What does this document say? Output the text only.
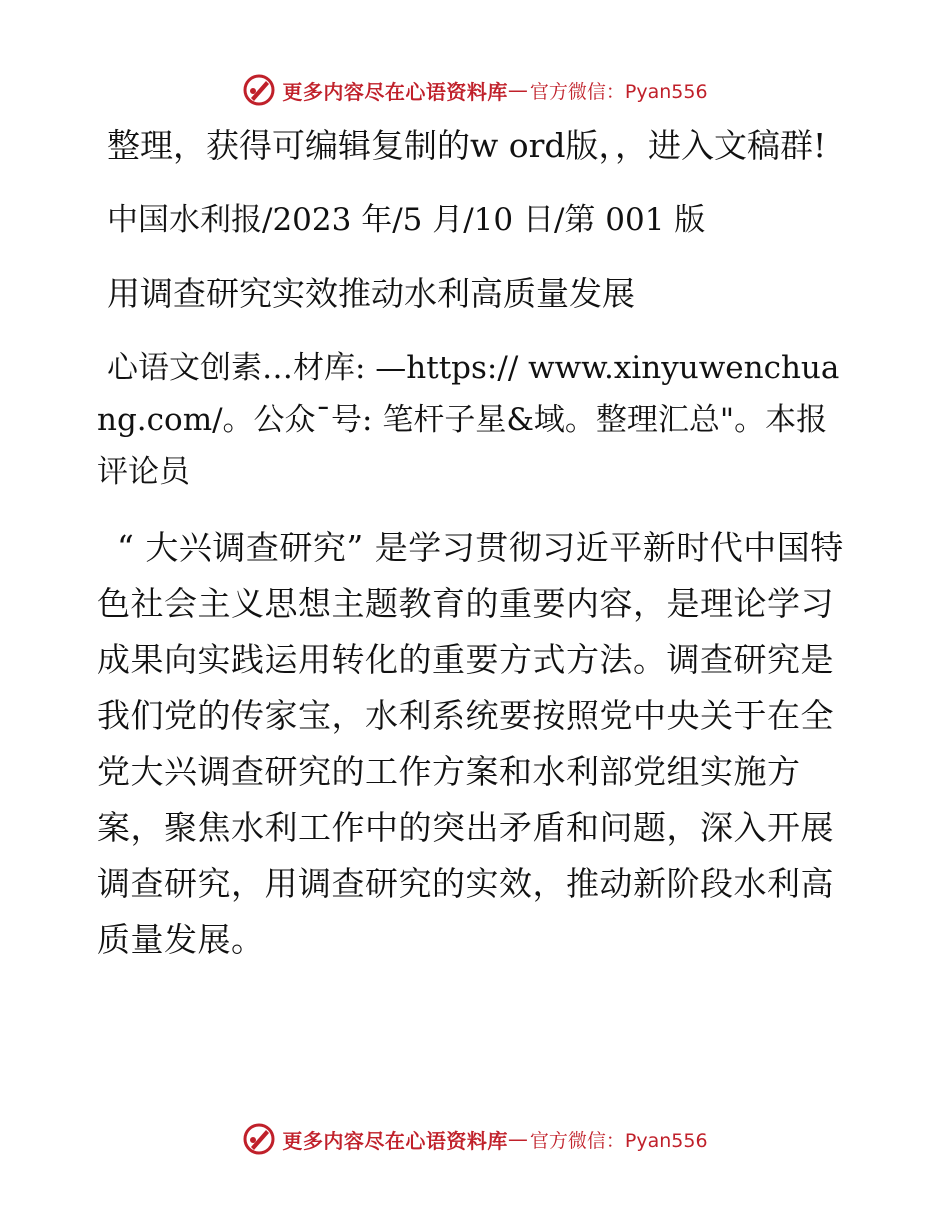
更多内容尽在心语资料库 — 官方微信：Pyan556

整理，获得可编辑复制的w ord版，，进入文稿群!

中国水利报/2023 年/5 月/10 日/第 001 版

用调查研究实效推动水利高质量发展

心语文创素…材库: —https:// www.xinyuwenchuang.com/。公众¯号: 笔杆子星&域。整理汇总"。本报评论员

“ 大兴调查研究” 是学习贯彻习近平新时代中国特色社会主义思想主题教育的重要内容，是理论学习成果向实践运用转化的重要方式方法。调查研究是我们党的传家宝，水利系统要按照党中央关于在全党大兴调查研究的工作方案和水利部党组实施方案，聚焦水利工作中的突出矛盾和问题，深入开展调查研究，用调查研究的实效，推动新阶段水利高质量发展。

更多内容尽在心语资料库 — 官方微信：Pyan556
